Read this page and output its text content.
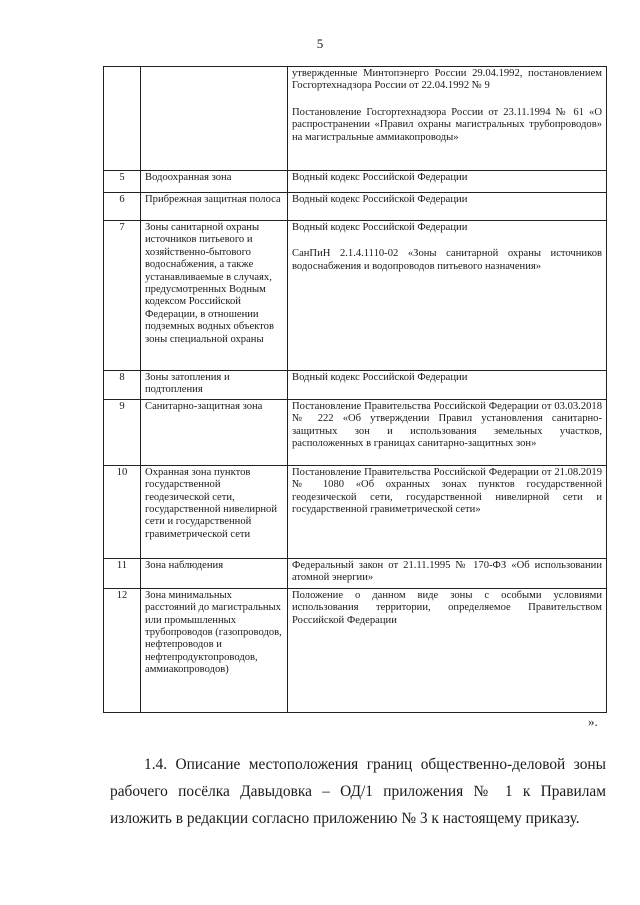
5

		утвержденные Минтопэнерго России 29.04.1992, постановлением Госгортехнадзора России от 22.04.1992 № 9
Постановление Госгортехнадзора России от 23.11.1994 № 61 «О распространении «Правил охраны магистральных трубопроводов» на магистральные аммиакопроводы»

5	Водоохранная зона	Водный кодекс Российской Федерации

6	Прибрежная защитная полоса	Водный кодекс Российской Федерации

7	Зоны санитарной охраны источников питьевого и хозяйственно-бытового водоснабжения, а также устанавливаемые в случаях, предусмотренных Водным кодексом Российской Федерации, в отношении подземных водных объектов зоны специальной охраны	Водный кодекс Российской Федерации
СанПиН 2.1.4.1110-02 «Зоны санитарной охраны источников водоснабжения и водопроводов питьевого назначения»

8	Зоны затопления и подтопления	Водный кодекс Российской Федерации

9	Санитарно-защитная зона	Постановление Правительства Российской Федерации от 03.03.2018 № 222 «Об утверждении Правил установления санитарно-защитных зон и использования земельных участков, расположенных в границах санитарно-защитных зон»

10	Охранная зона пунктов государственной геодезической сети, государственной нивелирной сети и государственной гравиметрической сети	Постановление Правительства Российской Федерации от 21.08.2019 № 1080 «Об охранных зонах пунктов государственной геодезической сети, государственной нивелирной сети и государственной гравиметрической сети»

11	Зона наблюдения	Федеральный закон от 21.11.1995 № 170-ФЗ «Об использовании атомной энергии»

12	Зона минимальных расстояний до магистральных или промышленных трубопроводов (газопроводов, нефтепроводов и нефтепродуктопроводов, аммиакопроводов)	Положение о данном виде зоны с особыми условиями использования территории, определяемое Правительством Российской Федерации
».

1.4. Описание местоположения границ общественно-деловой зоны рабочего посёлка Давыдовка – ОД/1 приложения № 1 к Правилам изложить в редакции согласно приложению № 3 к настоящему приказу.
